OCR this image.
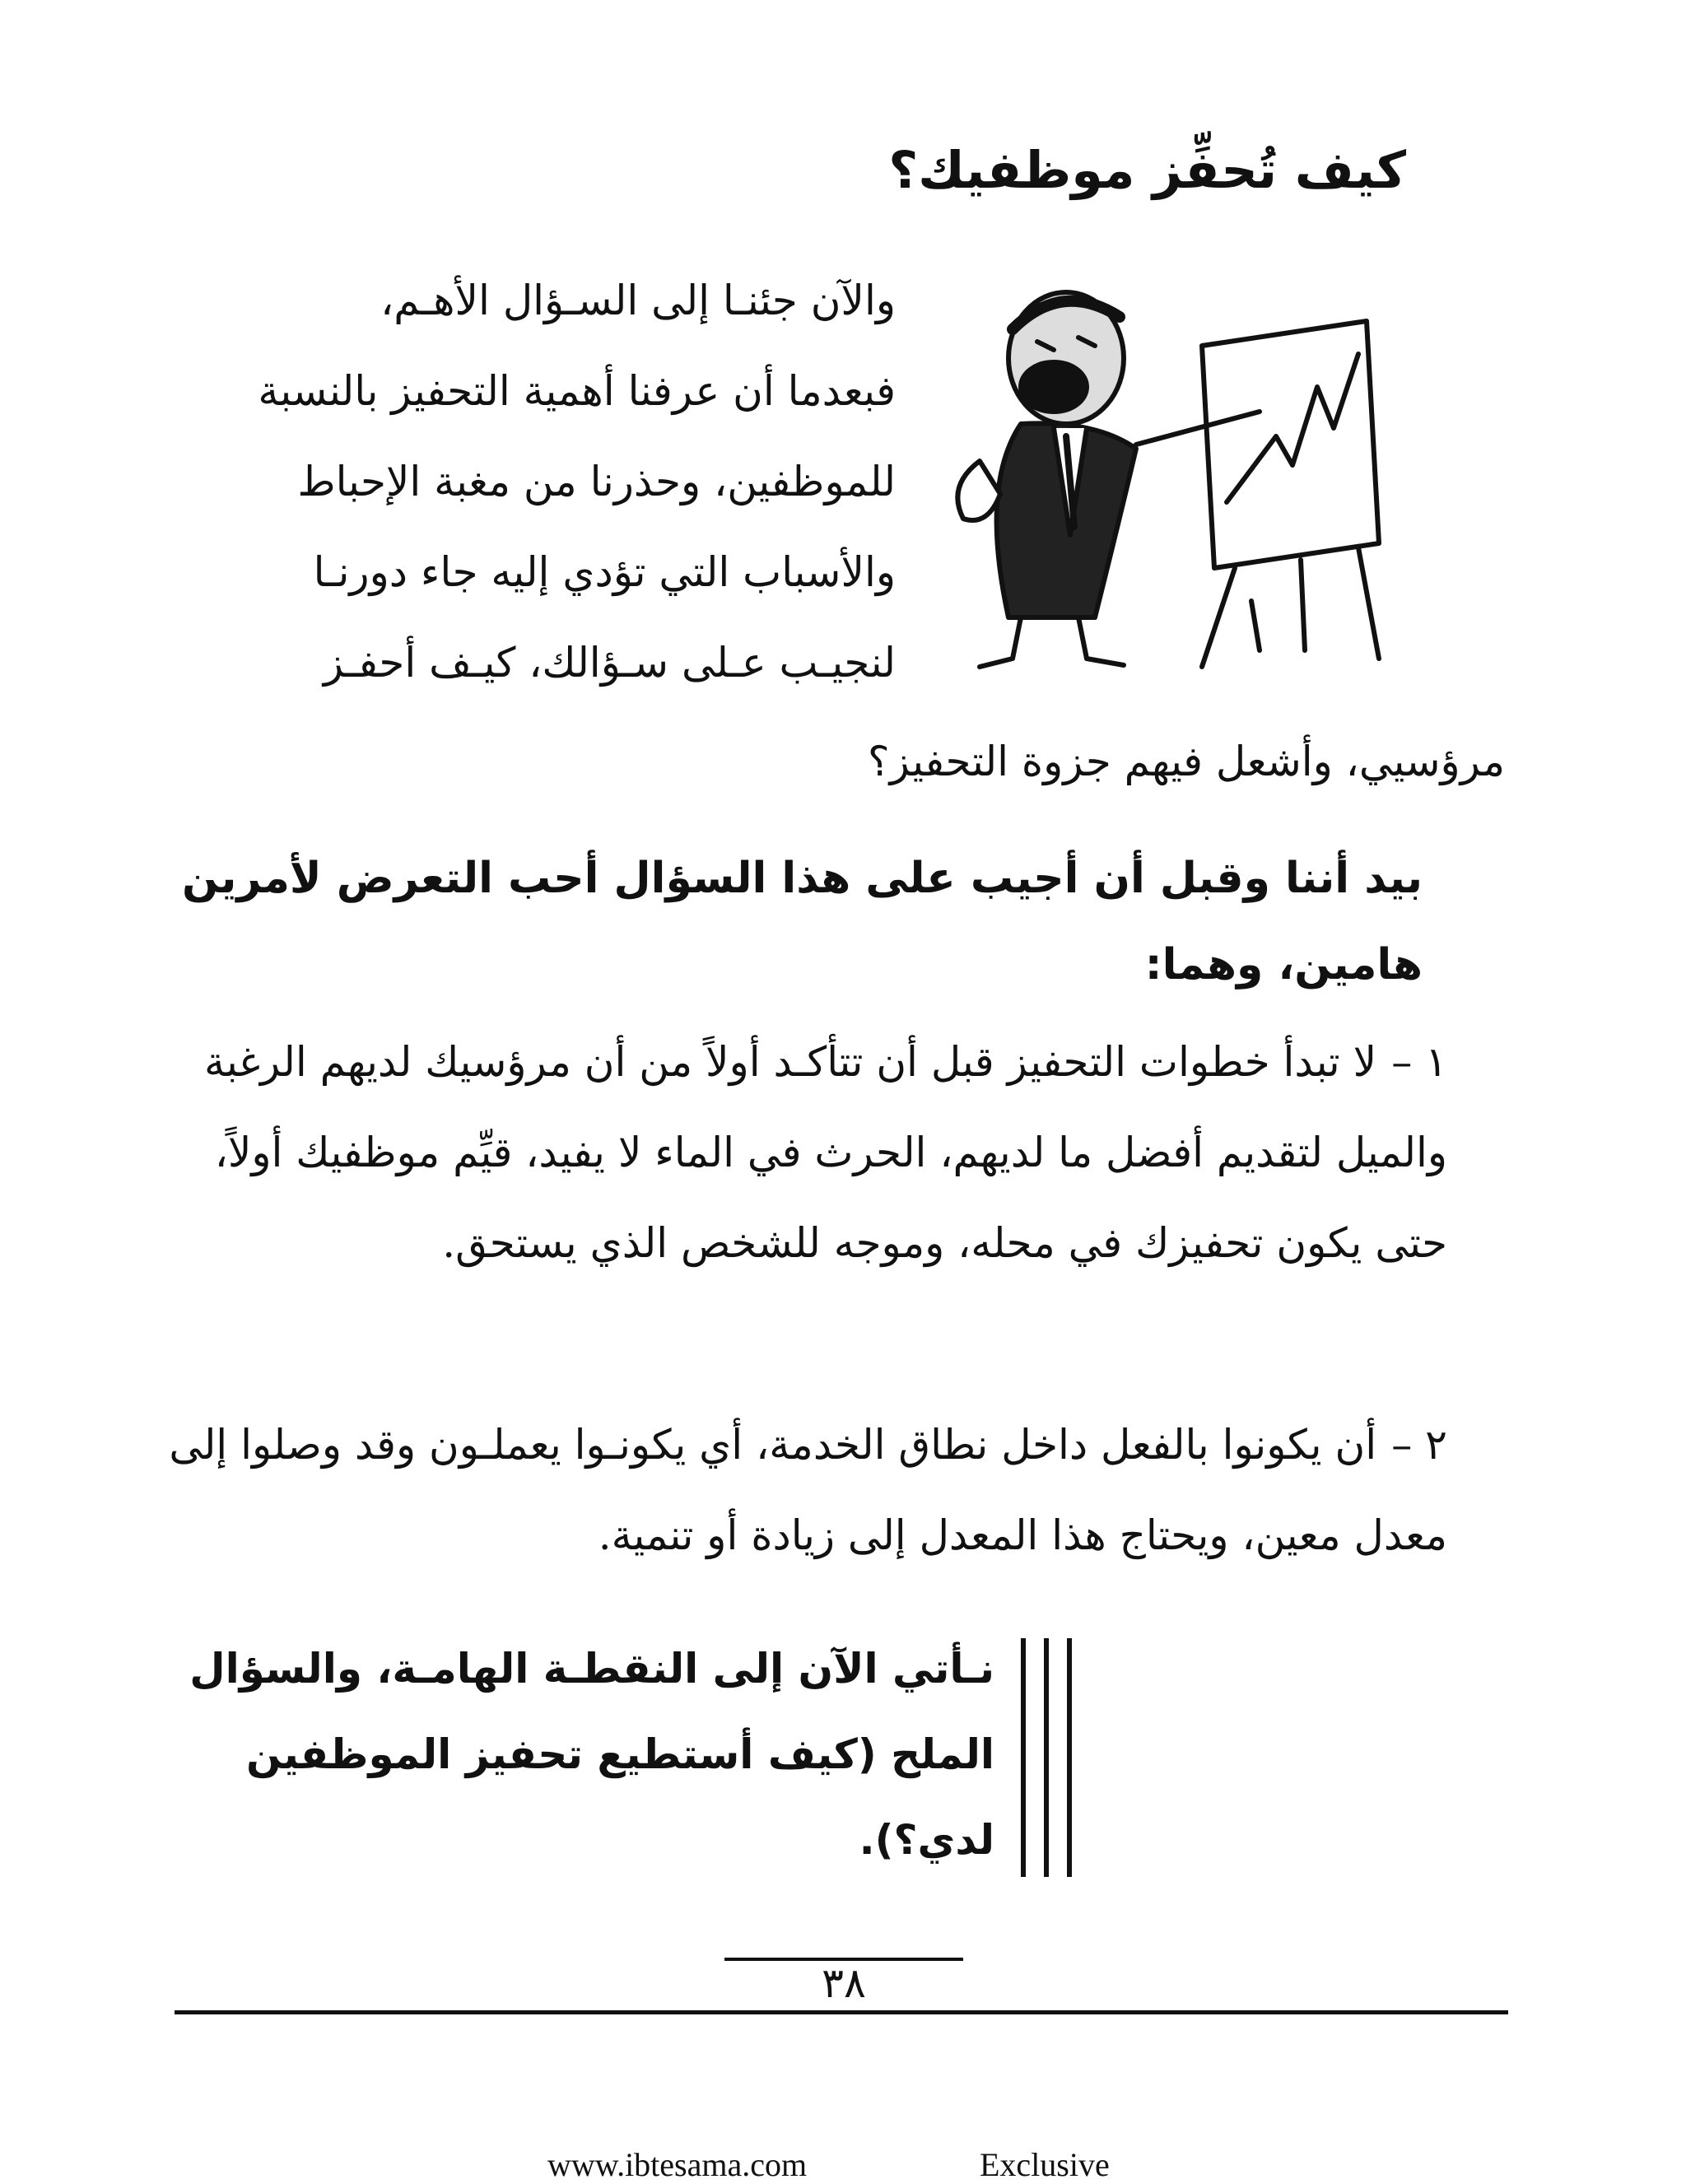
كيف تُحفِّز موظفيك؟
والآن جئنـا إلى السـؤال الأهـم،
فبعدما أن عرفنا أهمية التحفيز بالنسبة
للموظفين، وحذرنا من مغبة الإحباط
والأسباب التي تؤدي إليه جاء دورنـا
لنجيـب عـلى سـؤالك، كيـف أحفـز
مرؤسيي، وأشعل فيهم جزوة التحفيز؟
بيد أننا وقبل أن أجيب على هذا السؤال أحب التعرض لأمرين هامين، وهما:
١ – لا تبدأ خطوات التحفيز قبل أن تتأكـد أولاً من أن مرؤسيك لديهم الرغبة والميل لتقديم أفضل ما لديهم، الحرث في الماء لا يفيد، قيِّم موظفيك أولاً، حتى يكون تحفيزك في محله، وموجه للشخص الذي يستحق.
٢ – أن يكونوا بالفعل داخل نطاق الخدمة، أي يكونـوا يعملـون وقد وصلوا إلى معدل معين، ويحتاج هذا المعدل إلى زيادة أو تنمية.
نـأتي الآن إلى النقطـة الهامـة، والسؤال الملح (كيف أستطيع تحفيز الموظفين لدي؟).
٣٨
www.ibtesama.com	Exclusive
